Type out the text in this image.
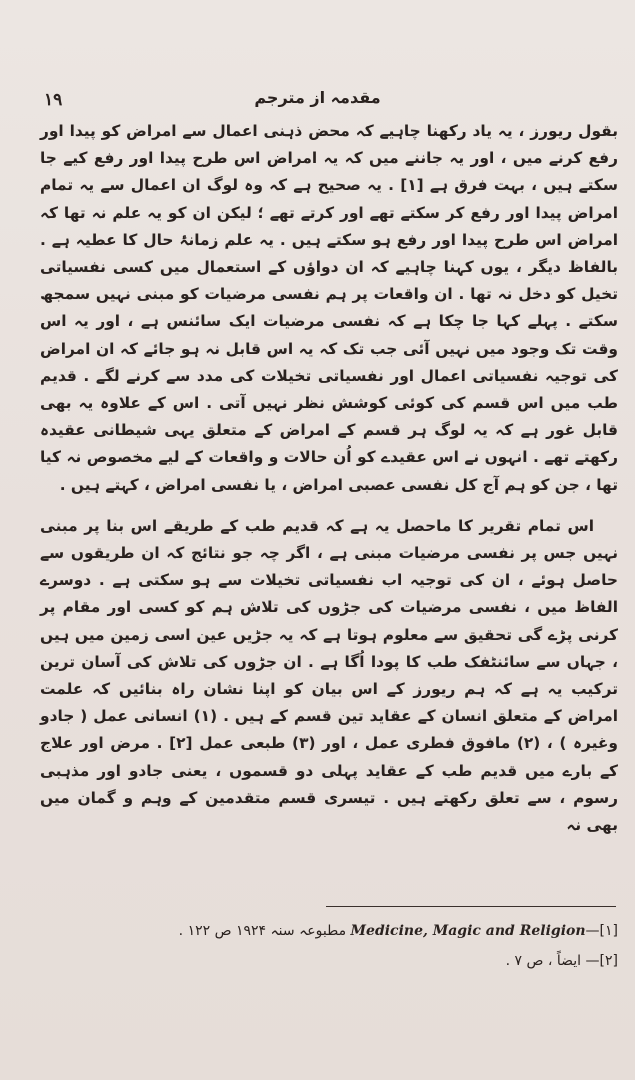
۱۹	مقدمہ از مترجم

بقول ریورز ، یہ یاد رکھنا چاہیے کہ محض ذہنی اعمال سے امراض کو پیدا اور رفع کرنے میں ، اور یہ جاننے میں کہ یہ امراض اس طرح پیدا اور رفع کیے جا سکتے ہیں ، بہت فرق ہے [۱] . یہ صحیح ہے کہ وہ لوگ ان اعمال سے یہ تمام امراض پیدا اور رفع کر سکتے تھے اور کرتے تھے ؛ لیکن ان کو یہ علم نہ تھا کہ امراض اس طرح پیدا اور رفع ہو سکتے ہیں . یہ علم زمانۂ حال کا عطیہ ہے . بالفاظ دیگر ، یوں کہنا چاہیے کہ ان دواؤں کے استعمال میں کسی نفسیاتی تخیل کو دخل نہ تھا . ان واقعات پر ہم نفسی مرضیات کو مبنی نہیں سمجھ سکتے . پہلے کہا جا چکا ہے کہ نفسی مرضیات ایک سائنس ہے ، اور یہ اس وقت تک وجود میں نہیں آئی جب تک کہ یہ اس قابل نہ ہو جائے کہ ان امراض کی توجیہ نفسیاتی اعمال اور نفسیاتی تخیلات کی مدد سے کرنے لگے . قدیم طب میں اس قسم کی کوئی کوشش نظر نہیں آتی . اس کے علاوہ یہ بھی قابل غور ہے کہ یہ لوگ ہر قسم کے امراض کے متعلق یہی شیطانی عقیدہ رکھتے تھے . انہوں نے اس عقیدے کو اُن حالات و واقعات کے لیے مخصوص نہ کیا تھا ، جن کو ہم آج کل نفسی عصبی امراض ، یا نفسی امراض ، کہتے ہیں .

اس تمام تقریر کا ماحصل یہ ہے کہ قدیم طب کے طریقے اس بنا پر مبنی نہیں جس پر نفسی مرضیات مبنی ہے ، اگر چہ جو نتائج کہ ان طریقوں سے حاصل ہوئے ، ان کی توجیہ اب نفسیاتی تخیلات سے ہو سکتی ہے . دوسرے الفاظ میں ، نفسی مرضیات کی جڑوں کی تلاش ہم کو کسی اور مقام پر کرنی پڑے گی تحقیق سے معلوم ہوتا ہے کہ یہ جڑیں عین اسی زمین میں ہیں ، جہاں سے سائنٹفک طب کا پودا اُگا ہے . ان جڑوں کی تلاش کی آسان ترین ترکیب یہ ہے کہ ہم ریورز کے اس بیان کو اپنا نشان راہ بنائیں کہ علمت امراض کے متعلق انسان کے عقاید تین قسم کے ہیں . (۱) انسانی عمل ( جادو وغیرہ ) ، (۲) مافوق فطری عمل ، اور (۳) طبعی عمل [۲] . مرض اور علاج کے بارے میں قدیم طب کے عقاید پہلی دو قسموں ، یعنی جادو اور مذہبی رسوم ، سے تعلق رکھتے ہیں . تیسری قسم متقدمین کے وہم و گمان میں بھی نہ

[۱]—Medicine, Magic and Religion مطبوعہ سنہ ۱۹۲۴ ص ۱۲۲ .

[۲]— ایضاً ، ص ۷ .
